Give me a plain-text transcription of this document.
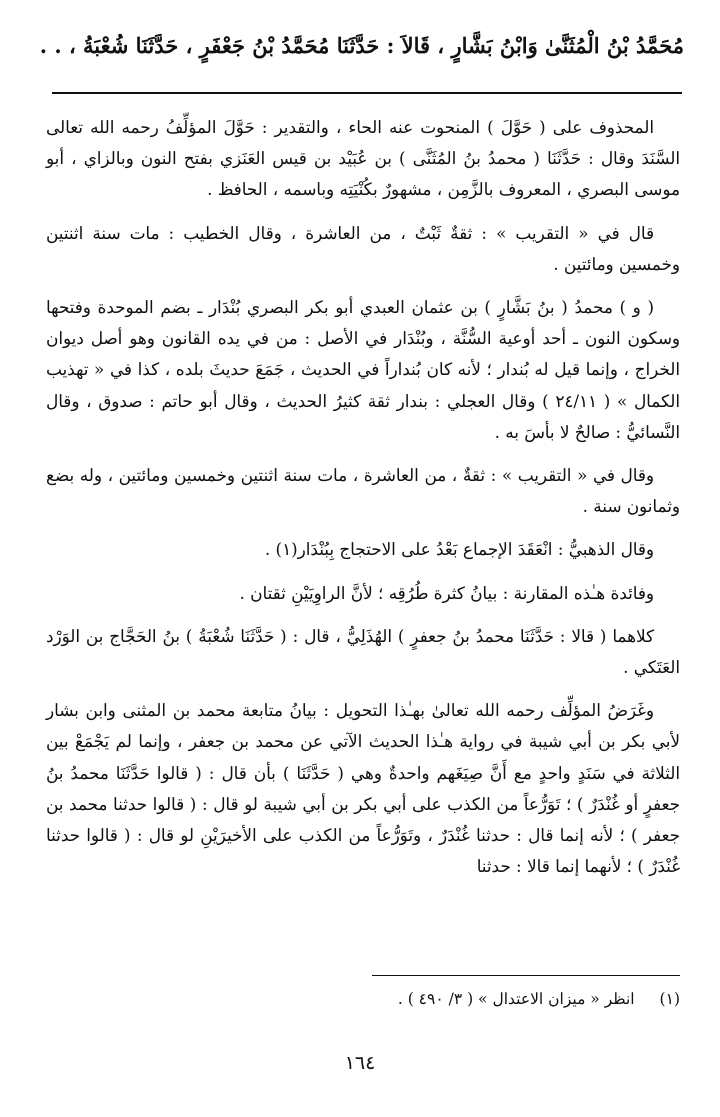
مُحَمَّدُ بْنُ الْمُثَنَّىٰ وَابْنُ بَشَّارٍ ، قَالاَ : حَدَّثَنَا مُحَمَّدُ بْنُ جَعْفَرٍ ، حَدَّثَنَا شُعْبَةُ ، . .

المحذوف على ( حَوَّلَ ) المنحوت عنه الحاء ، والتقدير : حَوَّلَ المؤلِّفُ رحمه الله تعالى السَّنَدَ وقال : حَدَّثَنَا ( محمدُ بنُ المُثَنَّى ) بن عُبَيْد بن قيس العَنَزي بفتح النون وبالزاي ، أبو موسى البصري ، المعروف بالزَّمِن ، مشهورٌ بكُنْيَتِه وباسمه ، الحافظ .

قال في « التقريب » : ثقةٌ ثَبْتٌ ، من العاشرة ، وقال الخطيب : مات سنة اثنتين وخمسين ومائتين .

( و ) محمدُ ( بنُ بَشَّارٍ ) بن عثمان العبدي أبو بكر البصري بُنْدَار ـ بضم الموحدة وفتحها وسكون النون ـ أحد أوعية السُّنَّة ، وبُنْدَار في الأصل : من في يده القانون وهو أصل ديوان الخراج ، وإنما قيل له بُندار ؛ لأنه كان بُنداراً في الحديث ، جَمَعَ حديثَ بلده ، كذا في « تهذيب الكمال » ( ٢٤/١١ ) وقال العجلي : بندار ثقة كثيرُ الحديث ، وقال أبو حاتم : صدوق ، وقال النَّسائيُّ : صالحٌ لا بأسَ به .

وقال في « التقريب » : ثقةٌ ، من العاشرة ، مات سنة اثنتين وخمسين ومائتين ، وله بضع وثمانون سنة .

وقال الذهبيُّ : انْعَقَدَ الإجماع بَعْدُ على الاحتجاج بِبُنْدَار(١) .

وفائدة هـٰذه المقارنة : بيانُ كثرة طُرُقِه ؛ لأنَّ الراوِيَيْنِ ثقتان .

كلاهما ( قالا : حَدَّثَنَا محمدُ بنُ جعفرٍ ) الهُذَلِيُّ ، قال : ( حَدَّثَنَا شُعْبَةُ ) بنُ الحَجَّاج بن الوَرْد العَتَكي .

وغَرَضُ المؤلِّف رحمه الله تعالىٰ بهـٰذا التحويل : بيانُ متابعة محمد بن المثنى وابن بشار لأبي بكر بن أبي شيبة في رواية هـٰذا الحديث الآتي عن محمد بن جعفر ، وإنما لم يَجْمَعْ بين الثلاثة في سَنَدٍ واحدٍ مع أَنَّ صِيَغَهم واحدةٌ وهي ( حَدَّثَنَا ) بأن قال : ( قالوا حَدَّثَنَا محمدُ بنُ جعفرٍ أو غُنْدَرٌ ) ؛ تَوَرُّعاً من الكذب على أبي بكر بن أبي شيبة لو قال : ( قالوا حدثنا محمد بن جعفر ) ؛ لأنه إنما قال : حدثنا غُنْدَرٌ ، وتَوَرُّعاً من الكذب على الأخيرَيْنِ لو قال : ( قالوا حدثنا غُنْدَرٌ ) ؛ لأنهما إنما قالا : حدثنا

(١) انظر « ميزان الاعتدال » ( ٣/ ٤٩٠ ) .
١٦٤
